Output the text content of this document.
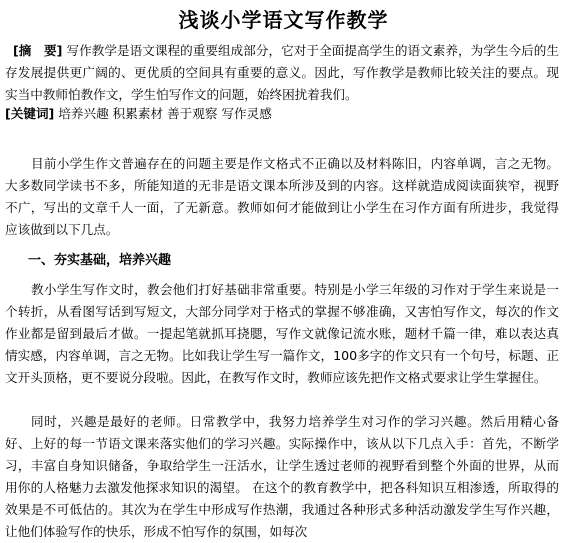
浅谈小学语文写作教学

[摘　要] 写作教学是语文课程的重要组成部分，它对于全面提高学生的语文素养，为学生今后的生存发展提供更广阔的、更优质的空间具有重要的意义。因此，写作教学是教师比较关注的要点。现实当中教师怕教作文，学生怕写作文的问题，始终困扰着我们。

[关键词] 培养兴趣 积累素材 善于观察 写作灵感

目前小学生作文普遍存在的问题主要是作文格式不正确以及材料陈旧，内容单调，言之无物。大多数同学读书不多，所能知道的无非是语文课本所涉及到的内容。这样就造成阅读面狭窄，视野不广，写出的文章千人一面，了无新意。教师如何才能做到让小学生在习作方面有所进步，我觉得应该做到以下几点。

一、夯实基础，培养兴趣

教小学生写作文时，教会他们打好基础非常重要。特别是小学三年级的习作对于学生来说是一个转折，从看图写话到写短文，大部分同学对于格式的掌握不够准确，又害怕写作文，每次的作文作业都是留到最后才做。一提起笔就抓耳挠腮，写作文就像记流水账，题材千篇一律，难以表达真情实感，内容单调，言之无物。比如我让学生写一篇作文，100多字的作文只有一个句号，标题、正文开头顶格，更不要说分段啦。因此，在教写作文时，教师应该先把作文格式要求让学生掌握住。

同时，兴趣是最好的老师。日常教学中，我努力培养学生对习作的学习兴趣。然后用精心备好、上好的每一节语文课来落实他们的学习兴趣。实际操作中，该从以下几点入手：首先，不断学习，丰富自身知识储备，争取给学生一汪活水，让学生透过老师的视野看到整个外面的世界，从而用你的人格魅力去激发他探求知识的渴望。 在这个的教育教学中，把各科知识互相渗透，所取得的效果是不可低估的。其次为在学生中形成写作热潮，我通过各种形式多种活动激发学生写作兴趣，让他们体验写作的快乐，形成不怕写作的氛围，如每次
